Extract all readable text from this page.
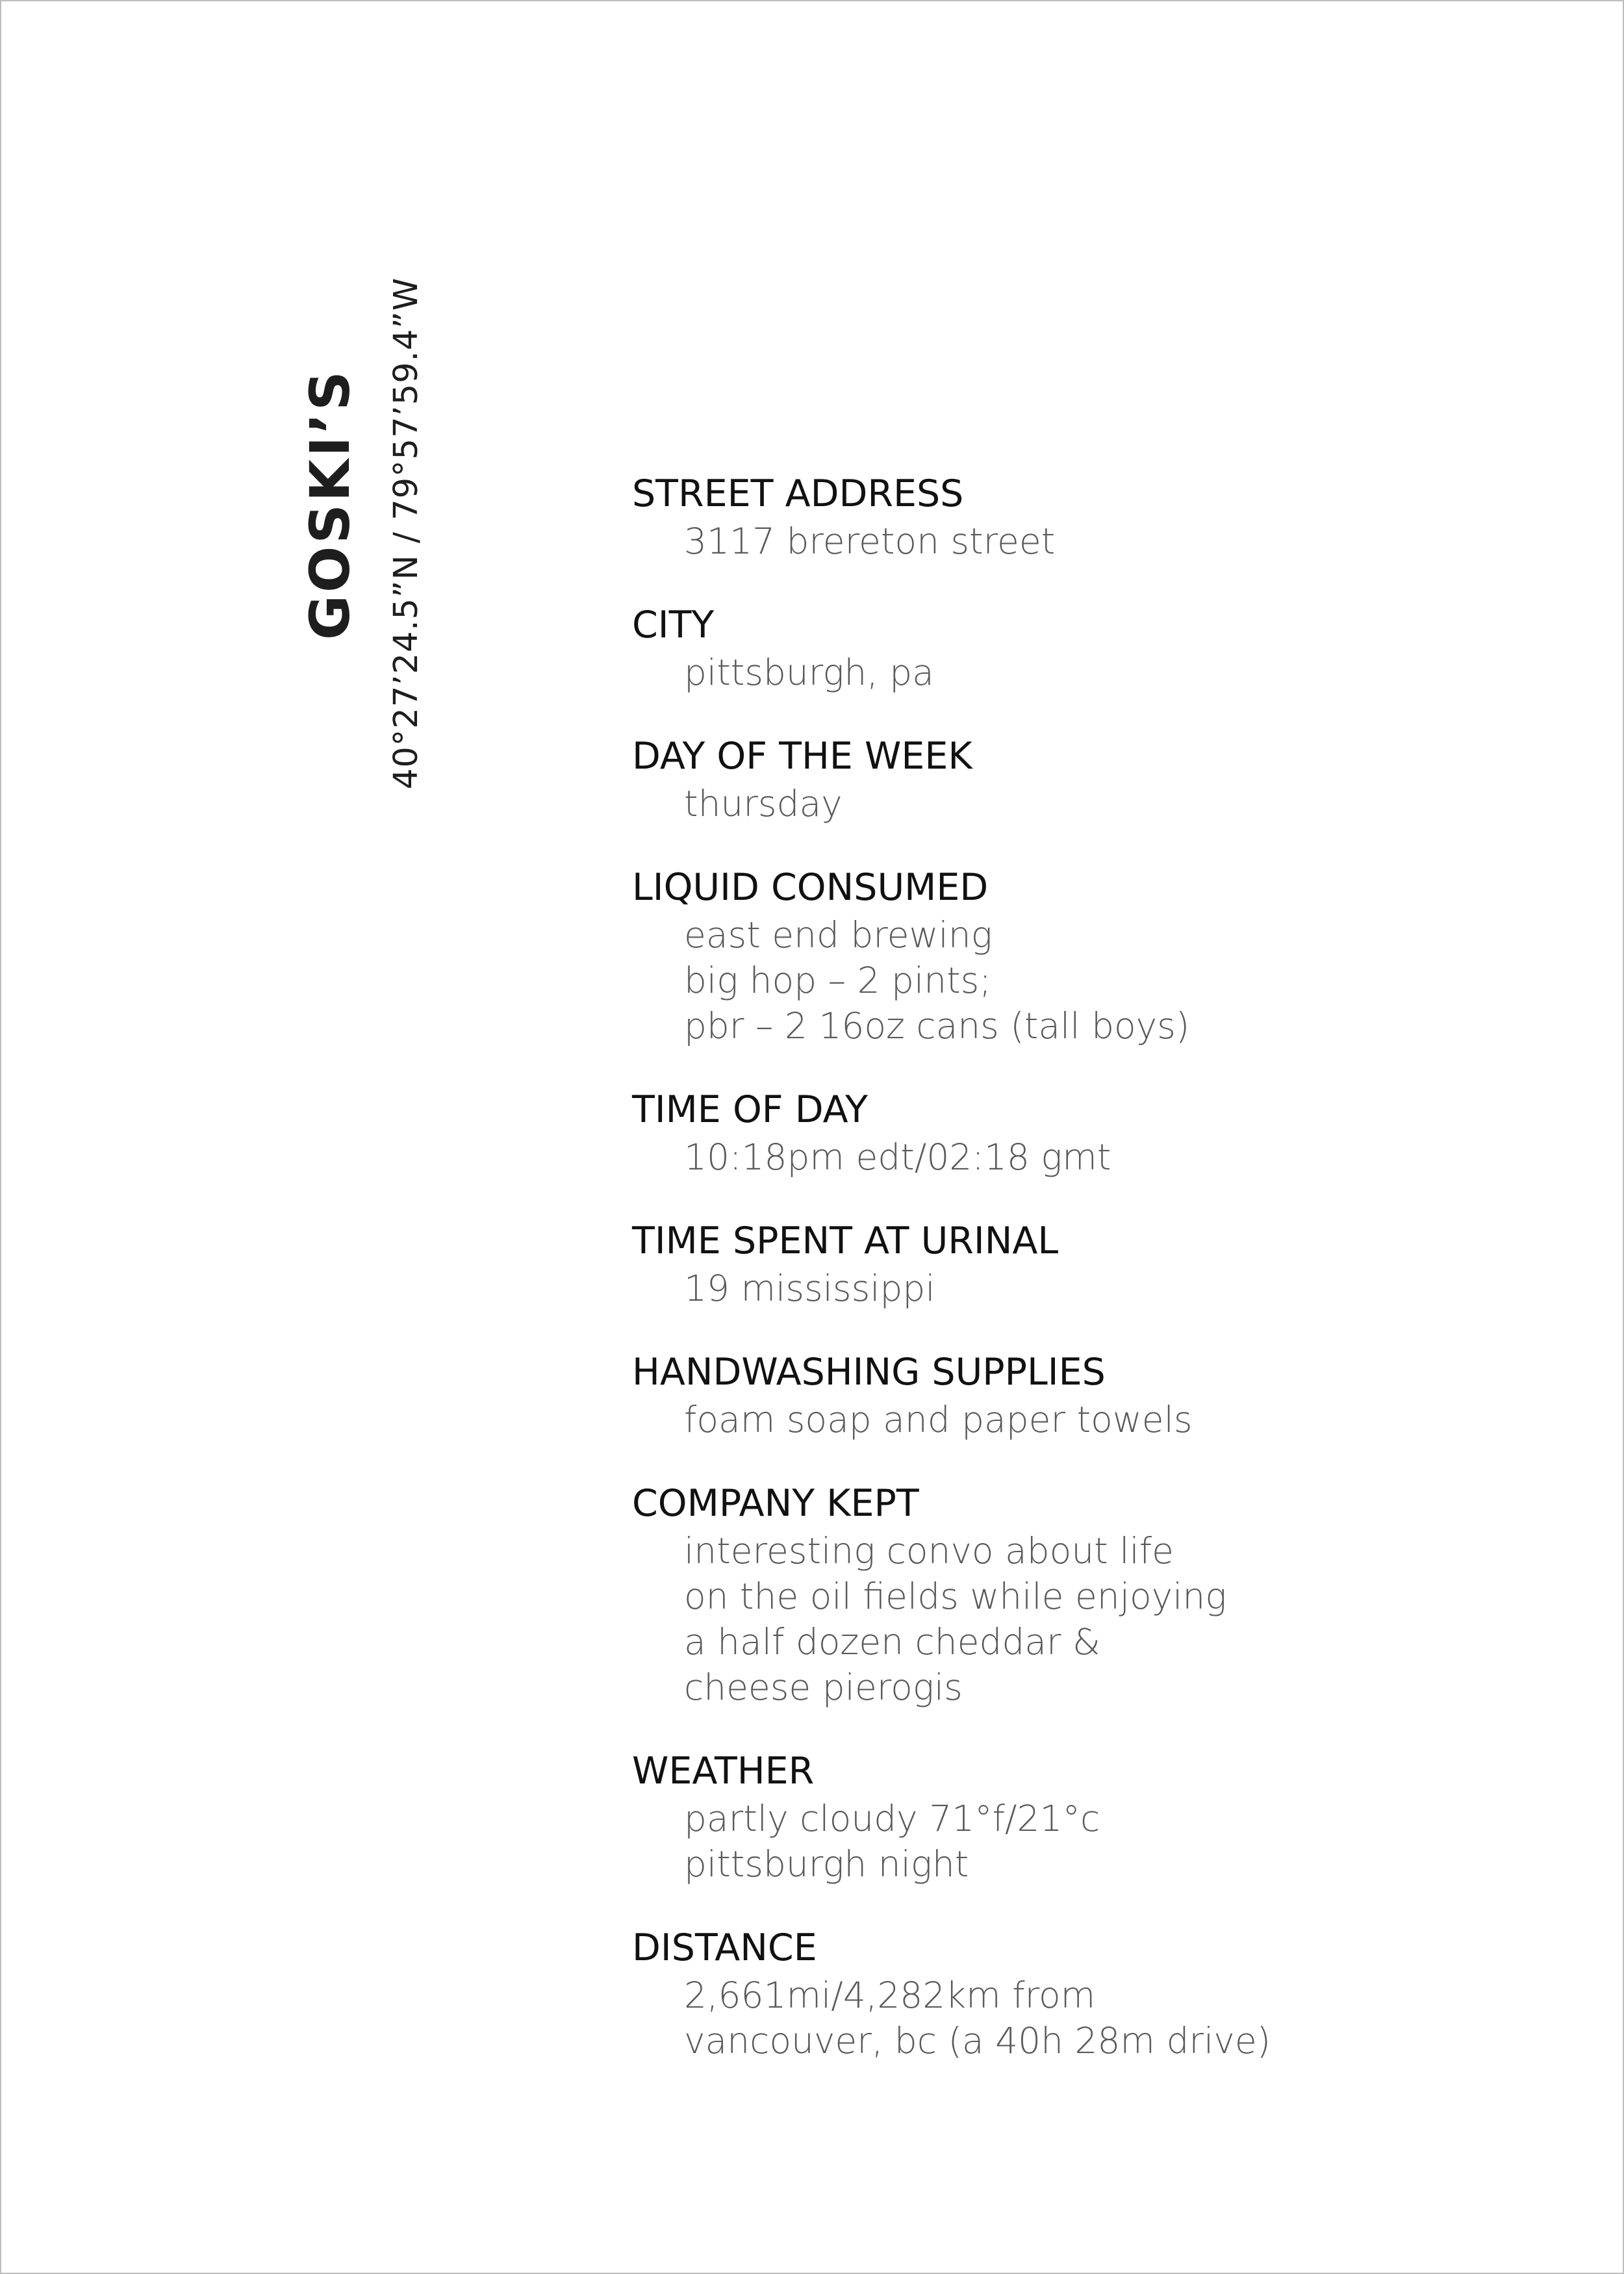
GOSKI’S 40°27’24.5”N / 79°57’59.4”W	STREET ADDRESS
3117 brereton street
CITY
pittsburgh, pa
DAY OF THE WEEK
thursday
LIQUID CONSUMED
east end brewing
big hop – 2 pints;
pbr – 2 16oz cans (tall boys)
TIME OF DAY
10:18pm edt/02:18 gmt
TIME SPENT AT URINAL
19 mississippi
HANDWASHING SUPPLIES
foam soap and paper towels
COMPANY KEPT
interesting convo about life
on the oil fields while enjoying
a half dozen cheddar &
cheese pierogis
WEATHER
partly cloudy 71°f/21°c
pittsburgh night
DISTANCE
2,661mi/4,282km from
vancouver, bc (a 40h 28m drive)
